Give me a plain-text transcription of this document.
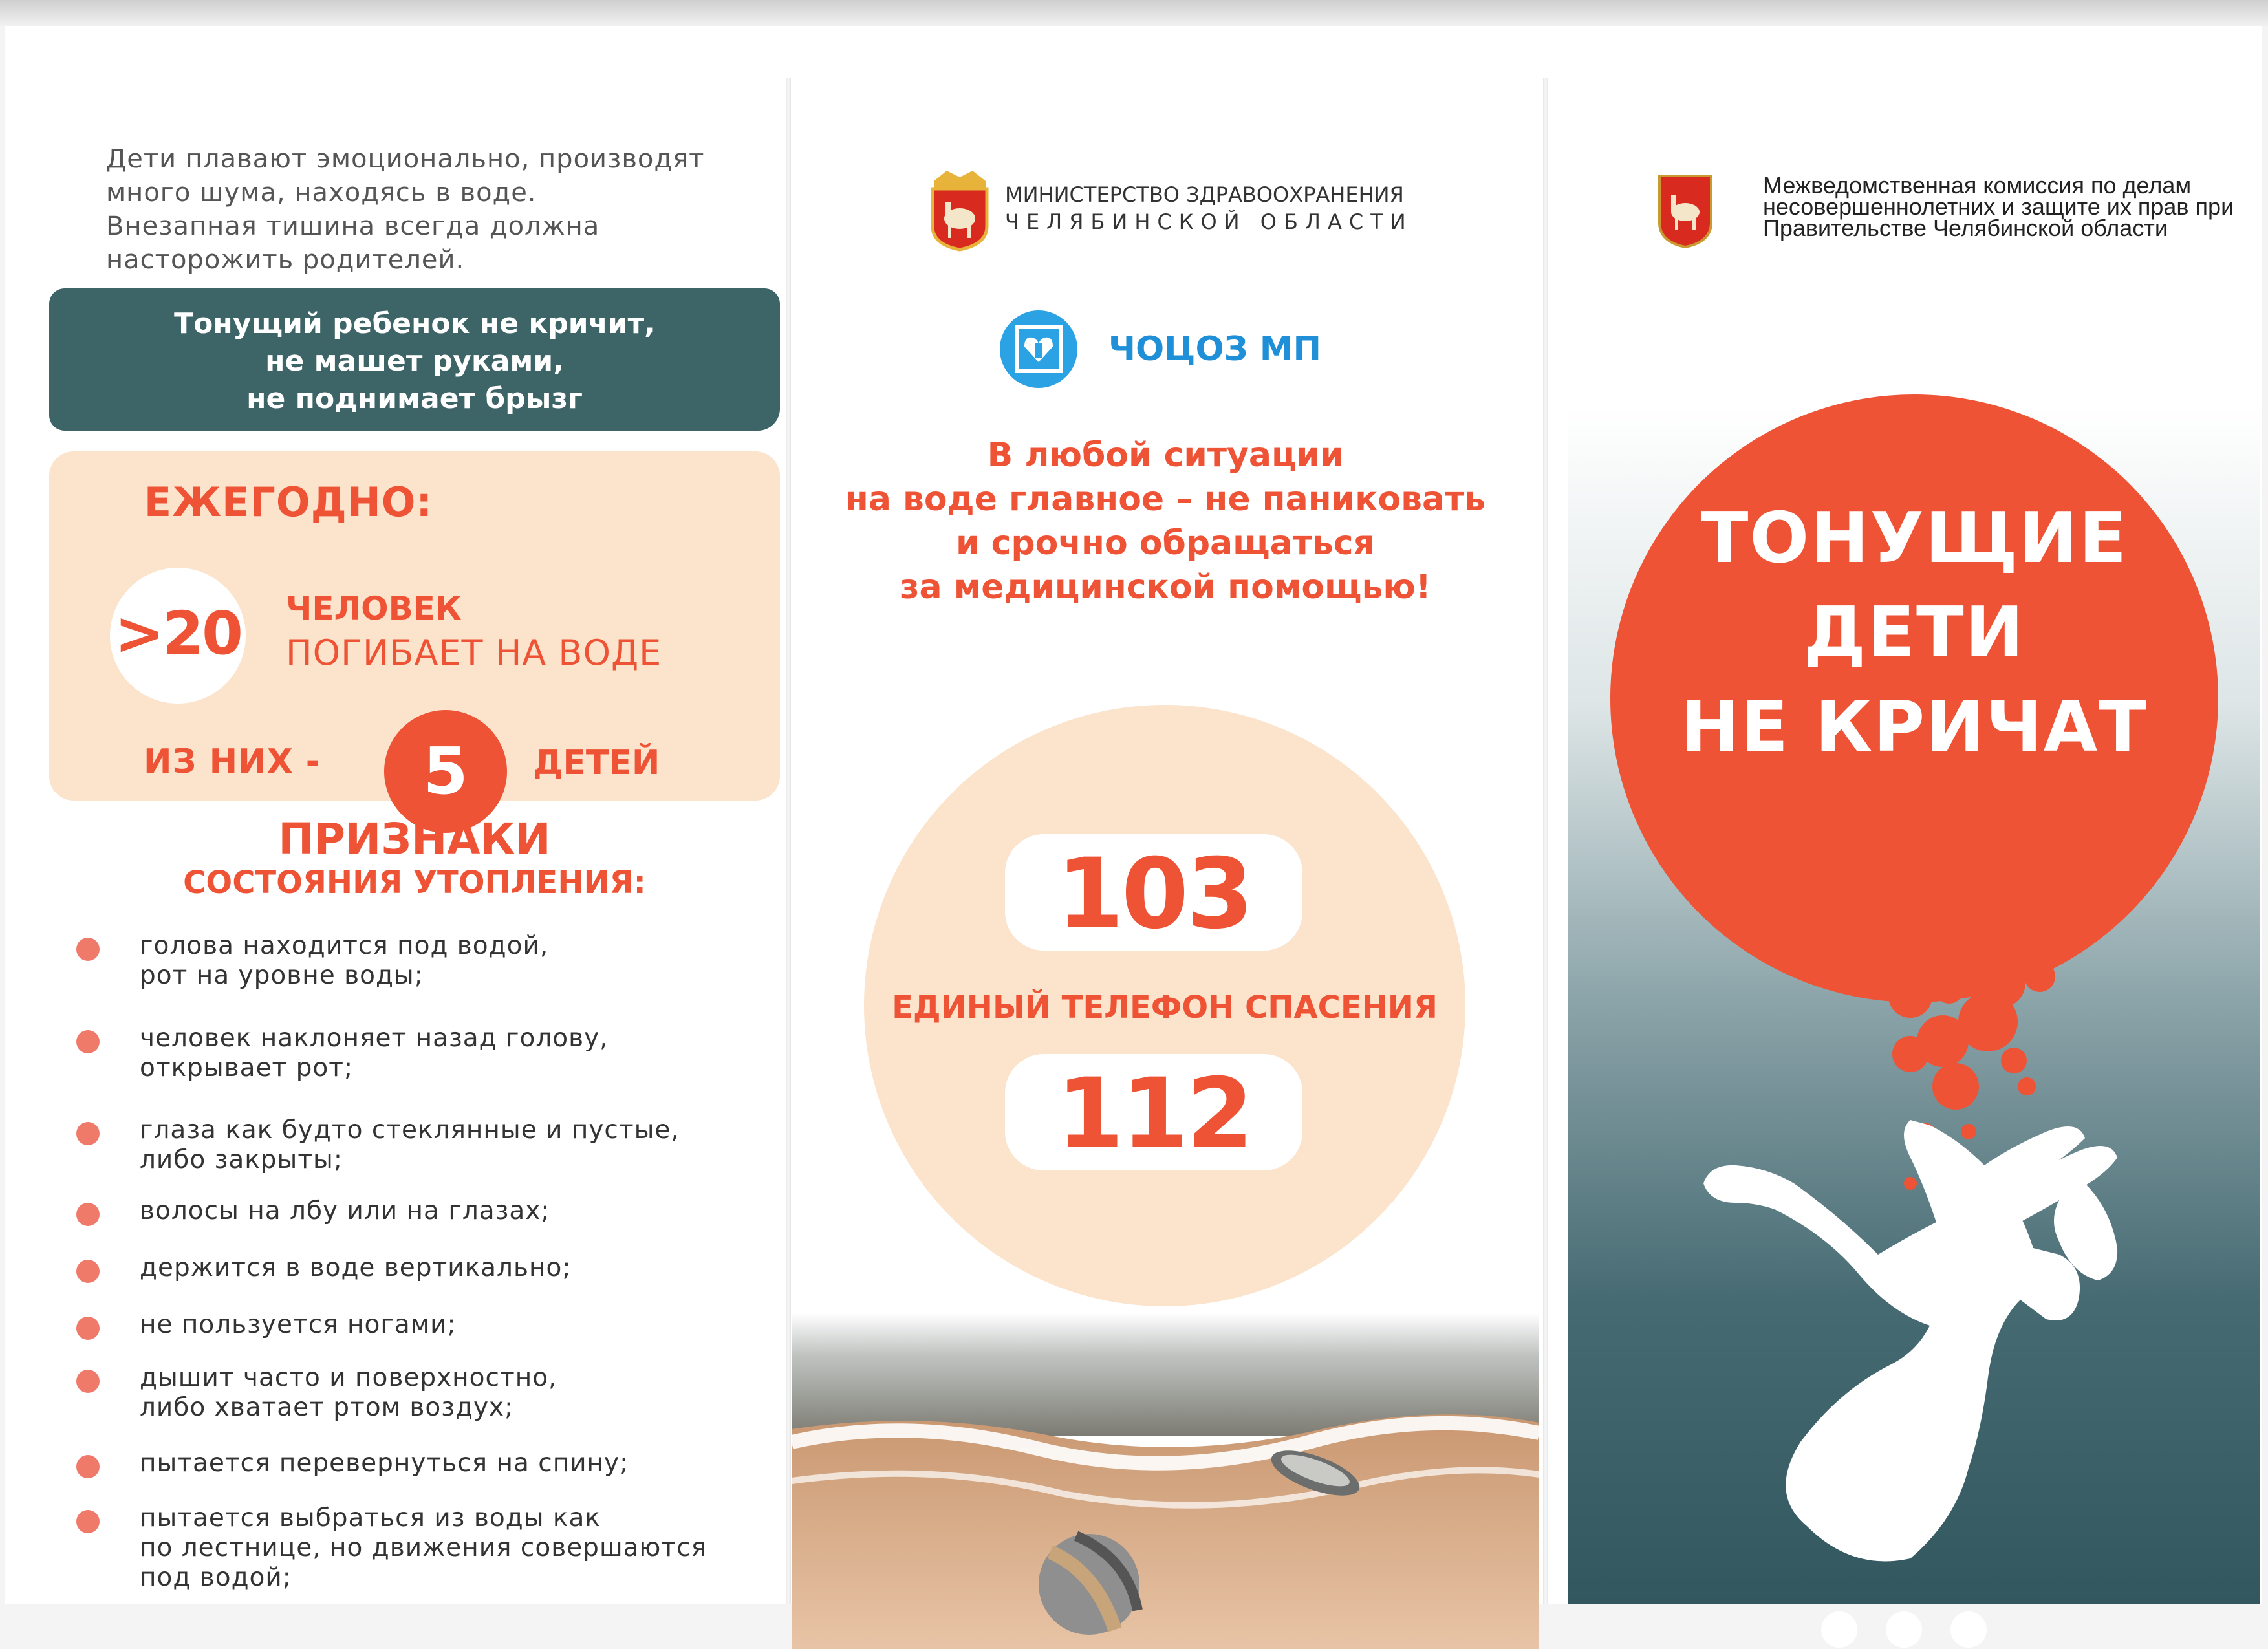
Дети плавают эмоционально, производят
много шума, находясь в воде.
Внезапная тишина всегда должна
насторожить родителей.
Тонущий ребенок не кричит,
не машет руками,
не поднимает брызг
ЕЖЕГОДНО:
>20 ЧЕЛОВЕК
ПОГИБАЕТ НА ВОДЕ
ИЗ НИХ -	5	ДЕТЕЙ
ПРИЗНАКИ
СОСТОЯНИЯ УТОПЛЕНИЯ:
голова находится под водой,
рот на уровне воды;
человек наклоняет назад голову,
открывает рот;
глаза как будто стеклянные и пустые,
либо закрыты;
волосы на лбу или на глазах;
держится в воде вертикально;
не пользуется ногами;
дышит часто и поверхностно,
либо хватает ртом воздух;
пытается перевернуться на спину;
пытается выбраться из воды как
по лестнице, но движения совершаются
под водой;
МИНИСТЕРСТВО ЗДРАВООХРАНЕНИЯ
ЧЕЛЯБИНСКОЙ ОБЛАСТИ
ЧОЦОЗ МП
В любой ситуации
на воде главное – не паниковать
и срочно обращаться
за медицинской помощью!
103
ЕДИНЫЙ ТЕЛЕФОН СПАСЕНИЯ
112
Межведомственная комиссия по делам
несовершеннолетних и защите их прав при
Правительстве Челябинской области
ТОНУЩИЕ
ДЕТИ
НЕ КРИЧАТ
